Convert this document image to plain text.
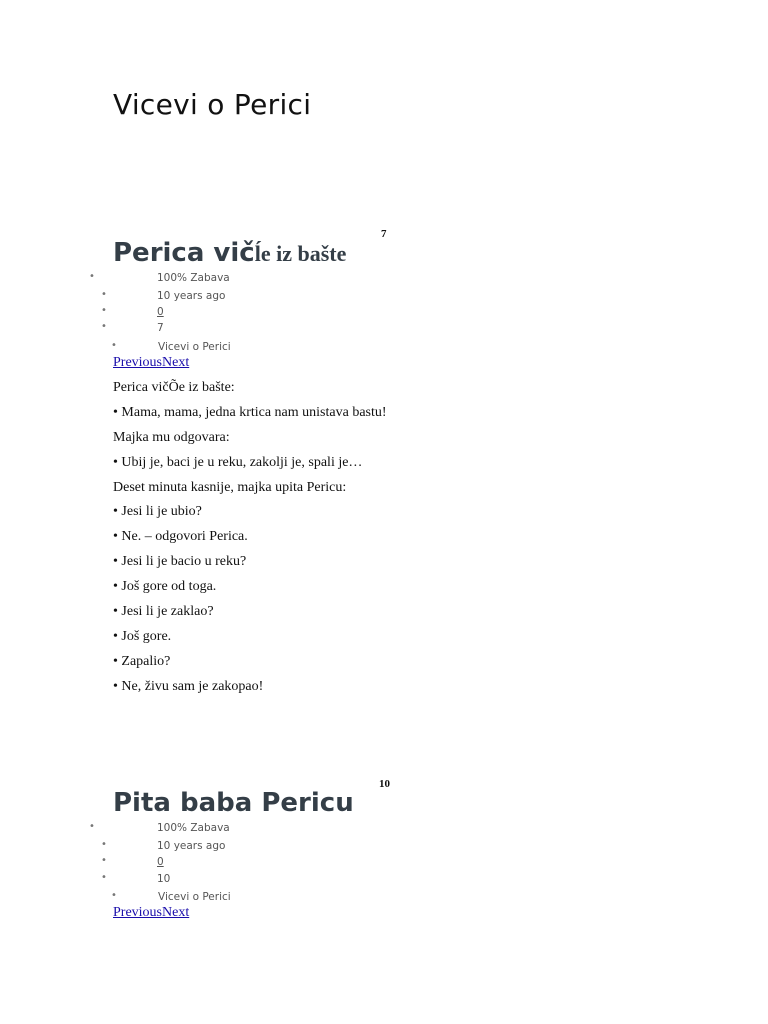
Vicevi o Perici
7
Perica vičĺe iz bašte
•	100% Zabava
•	10 years ago
•	0
•	7
•	Vicevi o Perici
PreviousNext

Perica vičÕe iz bašte:

• Mama, mama, jedna krtica nam unistava bastu!

Majka mu odgovara:

• Ubij je, baci je u reku, zakolji je, spali je…

Deset minuta kasnije, majka upita Pericu:

• Jesi li je ubio?

• Ne. – odgovori Perica.

• Jesi li je bacio u reku?

• Još gore od toga.

• Jesi li je zaklao?

• Još gore.

• Zapalio?

• Ne, živu sam je zakopao!

10
Pita baba Pericu
•	100% Zabava
•	10 years ago
•	0
•	10
•	Vicevi o Perici
PreviousNext
